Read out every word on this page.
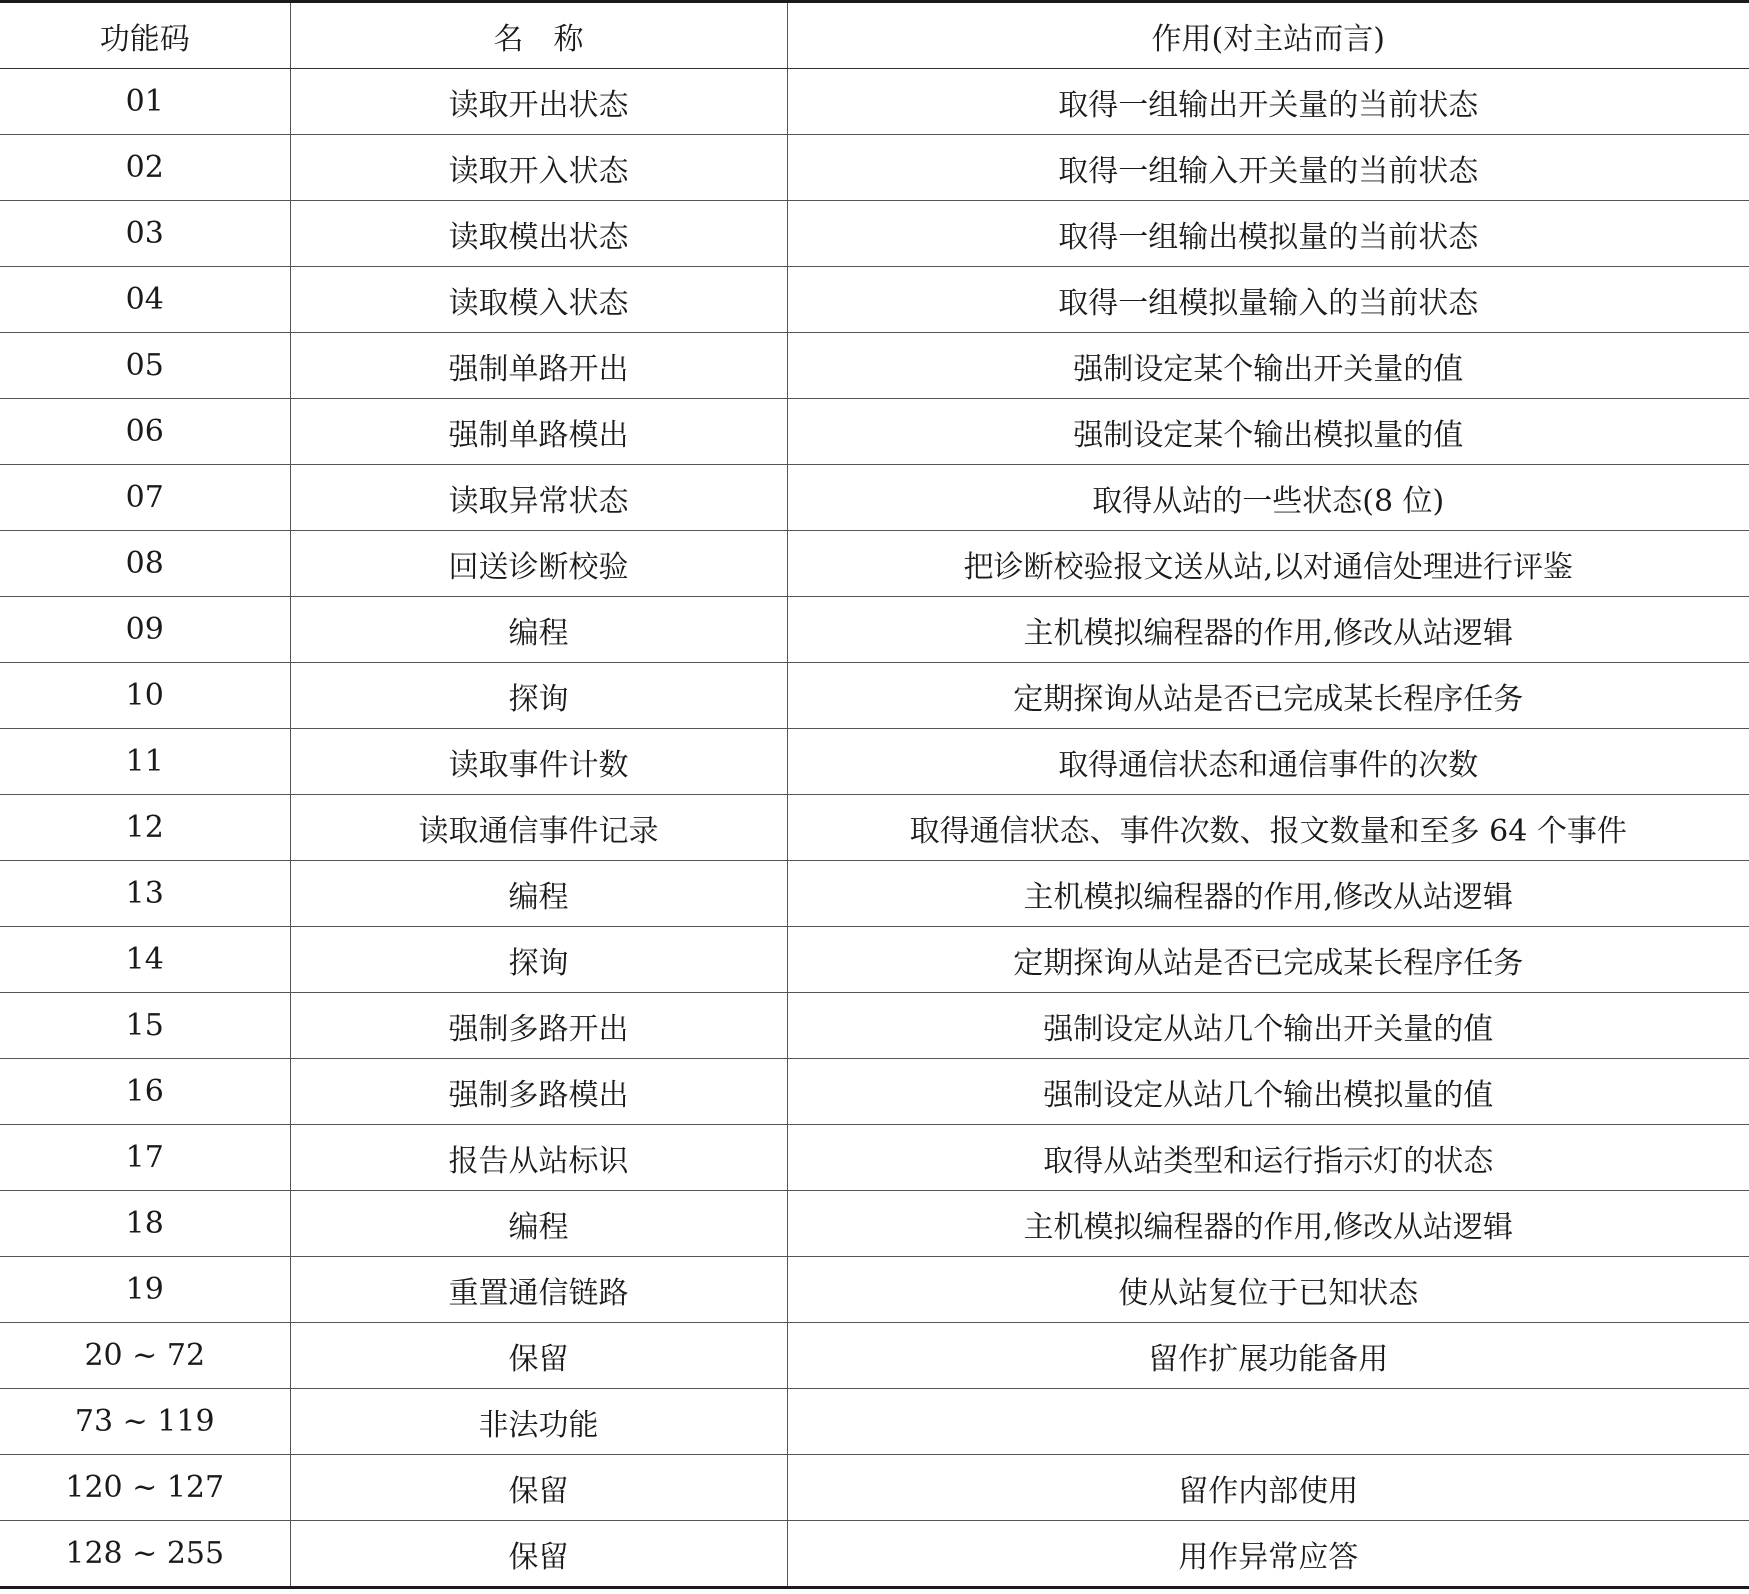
功能码	名　称	作用(对主站而言)
01	读取开出状态	取得一组输出开关量的当前状态
02	读取开入状态	取得一组输入开关量的当前状态
03	读取模出状态	取得一组输出模拟量的当前状态
04	读取模入状态	取得一组模拟量输入的当前状态
05	强制单路开出	强制设定某个输出开关量的值
06	强制单路模出	强制设定某个输出模拟量的值
07	读取异常状态	取得从站的一些状态(8 位)
08	回送诊断校验	把诊断校验报文送从站,以对通信处理进行评鉴
09	编程	主机模拟编程器的作用,修改从站逻辑
10	探询	定期探询从站是否已完成某长程序任务
11	读取事件计数	取得通信状态和通信事件的次数
12	读取通信事件记录	取得通信状态、事件次数、报文数量和至多 64 个事件
13	编程	主机模拟编程器的作用,修改从站逻辑
14	探询	定期探询从站是否已完成某长程序任务
15	强制多路开出	强制设定从站几个输出开关量的值
16	强制多路模出	强制设定从站几个输出模拟量的值
17	报告从站标识	取得从站类型和运行指示灯的状态
18	编程	主机模拟编程器的作用,修改从站逻辑
19	重置通信链路	使从站复位于已知状态
20 ~ 72	保留	留作扩展功能备用
73 ~ 119	非法功能	
120 ~ 127	保留	留作内部使用
128 ~ 255	保留	用作异常应答
